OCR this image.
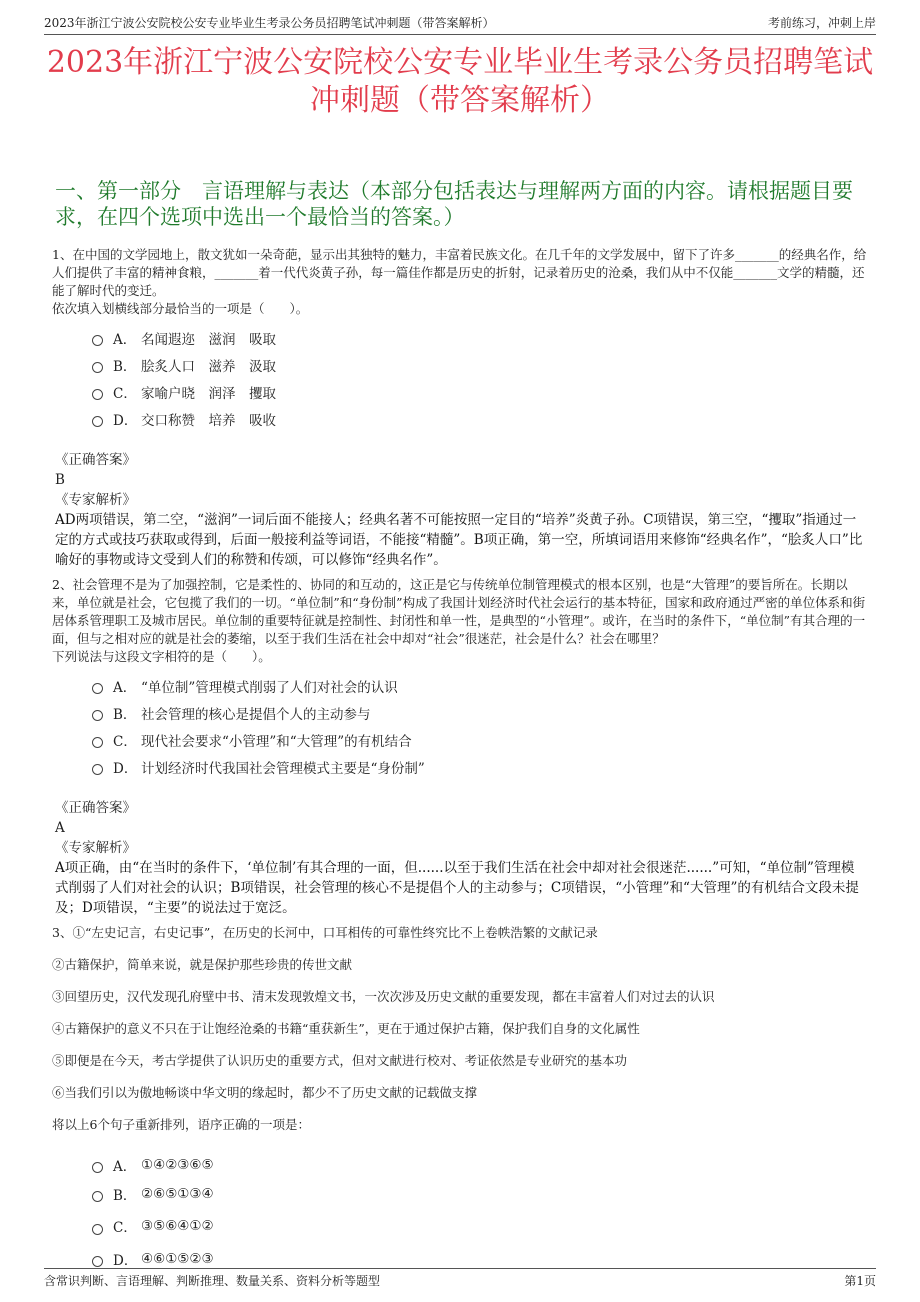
2023年浙江宁波公安院校公安专业毕业生考录公务员招聘笔试冲刺题（带答案解析）	考前练习，冲刺上岸
2023年浙江宁波公安院校公安专业毕业生考录公务员招聘笔试冲刺题（带答案解析）
一、第一部分　言语理解与表达（本部分包括表达与理解两方面的内容。请根据题目要求，在四个选项中选出一个最恰当的答案。）

1、在中国的文学园地上，散文犹如一朵奇葩，显示出其独特的魅力，丰富着民族文化。在几千年的文学发展中，留下了许多_______的经典名作，给人们提供了丰富的精神食粮，_______着一代代炎黄子孙，每一篇佳作都是历史的折射，记录着历史的沧桑，我们从中不仅能_______文学的精髓，还能了解时代的变迁。

依次填入划横线部分最恰当的一项是（　　）。

A． 名闻遐迩　滋润　吸取
B． 脍炙人口　滋养　汲取
C． 家喻户晓　润泽　攫取
D． 交口称赞　培养　吸收

《正确答案》

B

《专家解析》

AD两项错误，第二空，“滋润”一词后面不能接人；经典名著不可能按照一定目的“培养”炎黄子孙。C项错误，第三空，“攫取”指通过一定的方式或技巧获取或得到，后面一般接利益等词语，不能接“精髓”。B项正确，第一空，所填词语用来修饰“经典名作”，“脍炙人口”比喻好的事物或诗文受到人们的称赞和传颂，可以修饰“经典名作”。

2、社会管理不是为了加强控制，它是柔性的、协同的和互动的，这正是它与传统单位制管理模式的根本区别，也是“大管理”的要旨所在。长期以来，单位就是社会，它包揽了我们的一切。“单位制”和“身份制”构成了我国计划经济时代社会运行的基本特征，国家和政府通过严密的单位体系和街居体系管理职工及城市居民。单位制的重要特征就是控制性、封闭性和单一性，是典型的“小管理”。或许，在当时的条件下，“单位制”有其合理的一面，但与之相对应的就是社会的萎缩，以至于我们生活在社会中却对“社会”很迷茫，社会是什么？社会在哪里？

下列说法与这段文字相符的是（　　）。

A． “单位制”管理模式削弱了人们对社会的认识
B． 社会管理的核心是提倡个人的主动参与
C． 现代社会要求“小管理”和“大管理”的有机结合
D． 计划经济时代我国社会管理模式主要是“身份制”

《正确答案》

A

《专家解析》

A项正确，由“在当时的条件下，‘单位制’有其合理的一面，但......以至于我们生活在社会中却对社会很迷茫......”可知，“单位制”管理模式削弱了人们对社会的认识；B项错误，社会管理的核心不是提倡个人的主动参与；C项错误，“小管理”和“大管理”的有机结合文段未提及；D项错误，“主要”的说法过于宽泛。

3、①“左史记言，右史记事”，在历史的长河中，口耳相传的可靠性终究比不上卷帙浩繁的文献记录

②古籍保护，简单来说，就是保护那些珍贵的传世文献

③回望历史，汉代发现孔府壁中书、清末发现敦煌文书，一次次涉及历史文献的重要发现，都在丰富着人们对过去的认识

④古籍保护的意义不只在于让饱经沧桑的书籍“重获新生”，更在于通过保护古籍，保护我们自身的文化属性

⑤即便是在今天，考古学提供了认识历史的重要方式，但对文献进行校对、考证依然是专业研究的基本功

⑥当我们引以为傲地畅谈中华文明的缘起时，都少不了历史文献的记载做支撑

将以上6个句子重新排列，语序正确的一项是：

A． ①④②③⑥⑤
B． ②⑥⑤①③④
C． ③⑤⑥④①②
D． ④⑥①⑤②③
含常识判断、言语理解、判断推理、数量关系、资料分析等题型	第1页
